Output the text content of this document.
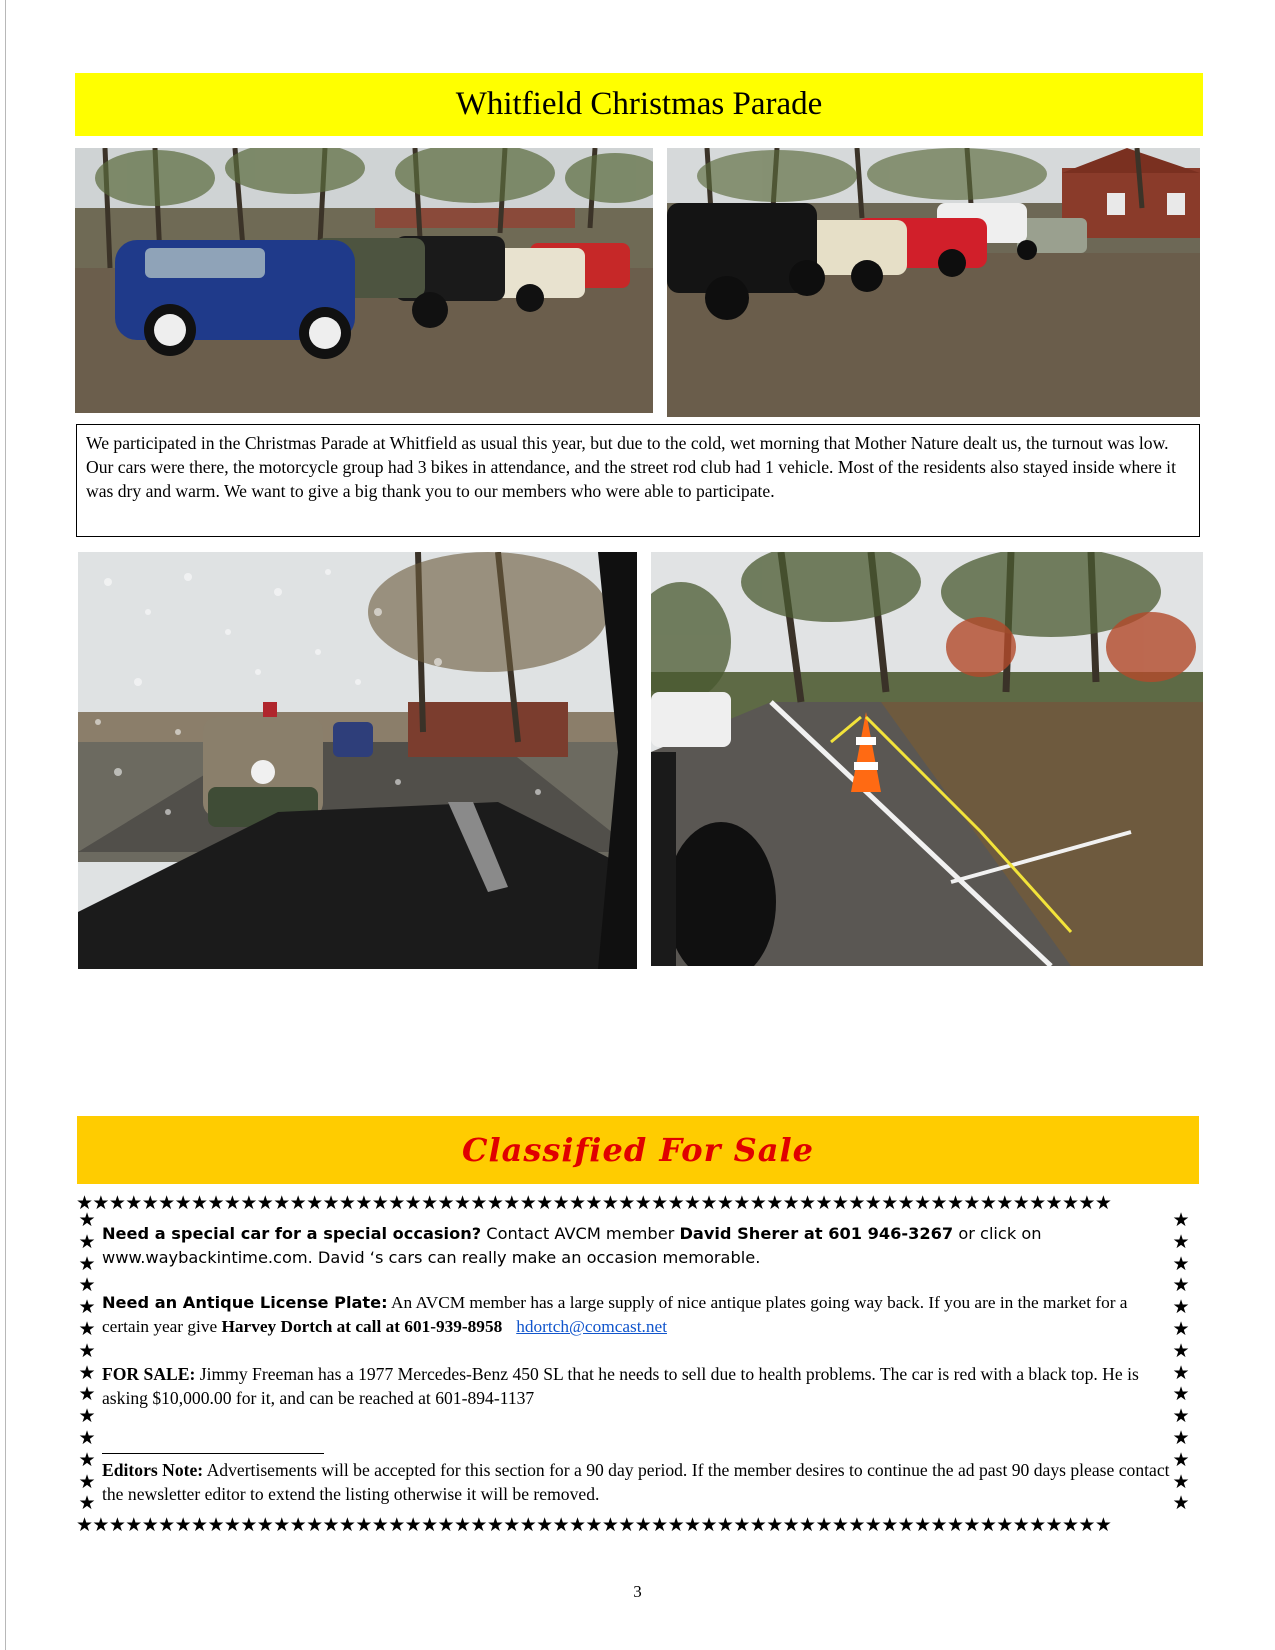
Whitfield Christmas Parade
We participated in the Christmas Parade at Whitfield as usual this year, but due to the cold, wet morning that Mother Nature dealt us, the turnout was low. Our cars were there, the motorcycle group had 3 bikes in attendance, and the street rod club had 1 vehicle. Most of the residents also stayed inside where it was dry and warm. We want to give a big thank you to our members who were able to participate.
Classified For Sale
★★★★★★★★★★★★★★★★★★★★★★★★★★★★★★★★★★★★★★★★★★★★★★★★★★★★★★★★★★★★★★★
★
★
★
★
★
★
★
★
★
★
★
★
★
★
★
★
★
★
★
★
★
★
★
★
★
★
★
★
Need a special car for a special occasion? Contact AVCM member David Sherer at 601 946-3267 or click on www.waybackintime.com. David ‘s cars can really make an occasion memorable.
Need an Antique License Plate: An AVCM member has a large supply of nice antique plates going way back. If you are in the market for a certain year give Harvey Dortch at call at 601-939-8958 hdortch@comcast.net
FOR SALE: Jimmy Freeman has a 1977 Mercedes-Benz 450 SL that he needs to sell due to health problems. The car is red with a black top. He is asking $10,000.00 for it, and can be reached at 601-894-1137
Editors Note: Advertisements will be accepted for this section for a 90 day period. If the member desires to continue the ad past 90 days please contact the newsletter editor to extend the listing otherwise it will be removed.
★★★★★★★★★★★★★★★★★★★★★★★★★★★★★★★★★★★★★★★★★★★★★★★★★★★★★★★★★★★★★★★
3
